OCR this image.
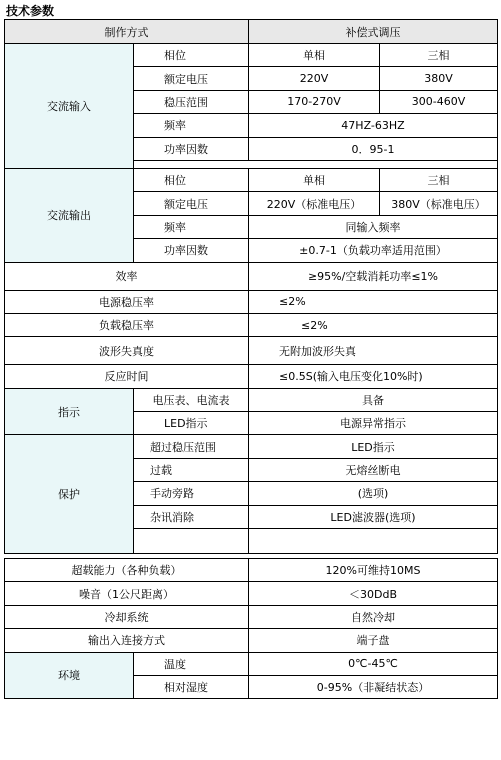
技术参数
制作方式		补偿式调压	
交流输入	相位	单相	三相
	额定电压	220V	380V
	稳压范围	170-270V	300-460V
	频率	47HZ-63HZ	
	功率因数	0．95-1	

交流输出	相位	单相	三相
	额定电压	220V（标准电压）	380V（标准电压）
	频率	同输入频率	
	功率因数	±0.7-1（负载功率适用范围）	
效率		≥95%/空载消耗功率≤1%	
电源稳压率		≤2%	
负载稳压率		≤2%	
波形失真度		无附加波形失真	
反应时间		≤0.5S(输入电压变化10%时)	
指示	电压表、电流表	具备	
	LED指示	电源异常指示	
保护	超过稳压范围	LED指示	
	过载	无熔丝断电	
	手动旁路	(选项)	
	杂讯消除	LED滤波器(选项)	

超载能力（各种负载）		120%可维持10MS	
噪音（1公尺距离）		＜30DdB	
冷却系统		自然冷却	
输出入连接方式		端子盘	
环境	温度	0℃-45℃	
	相对湿度	0-95%（非凝结状态）	
